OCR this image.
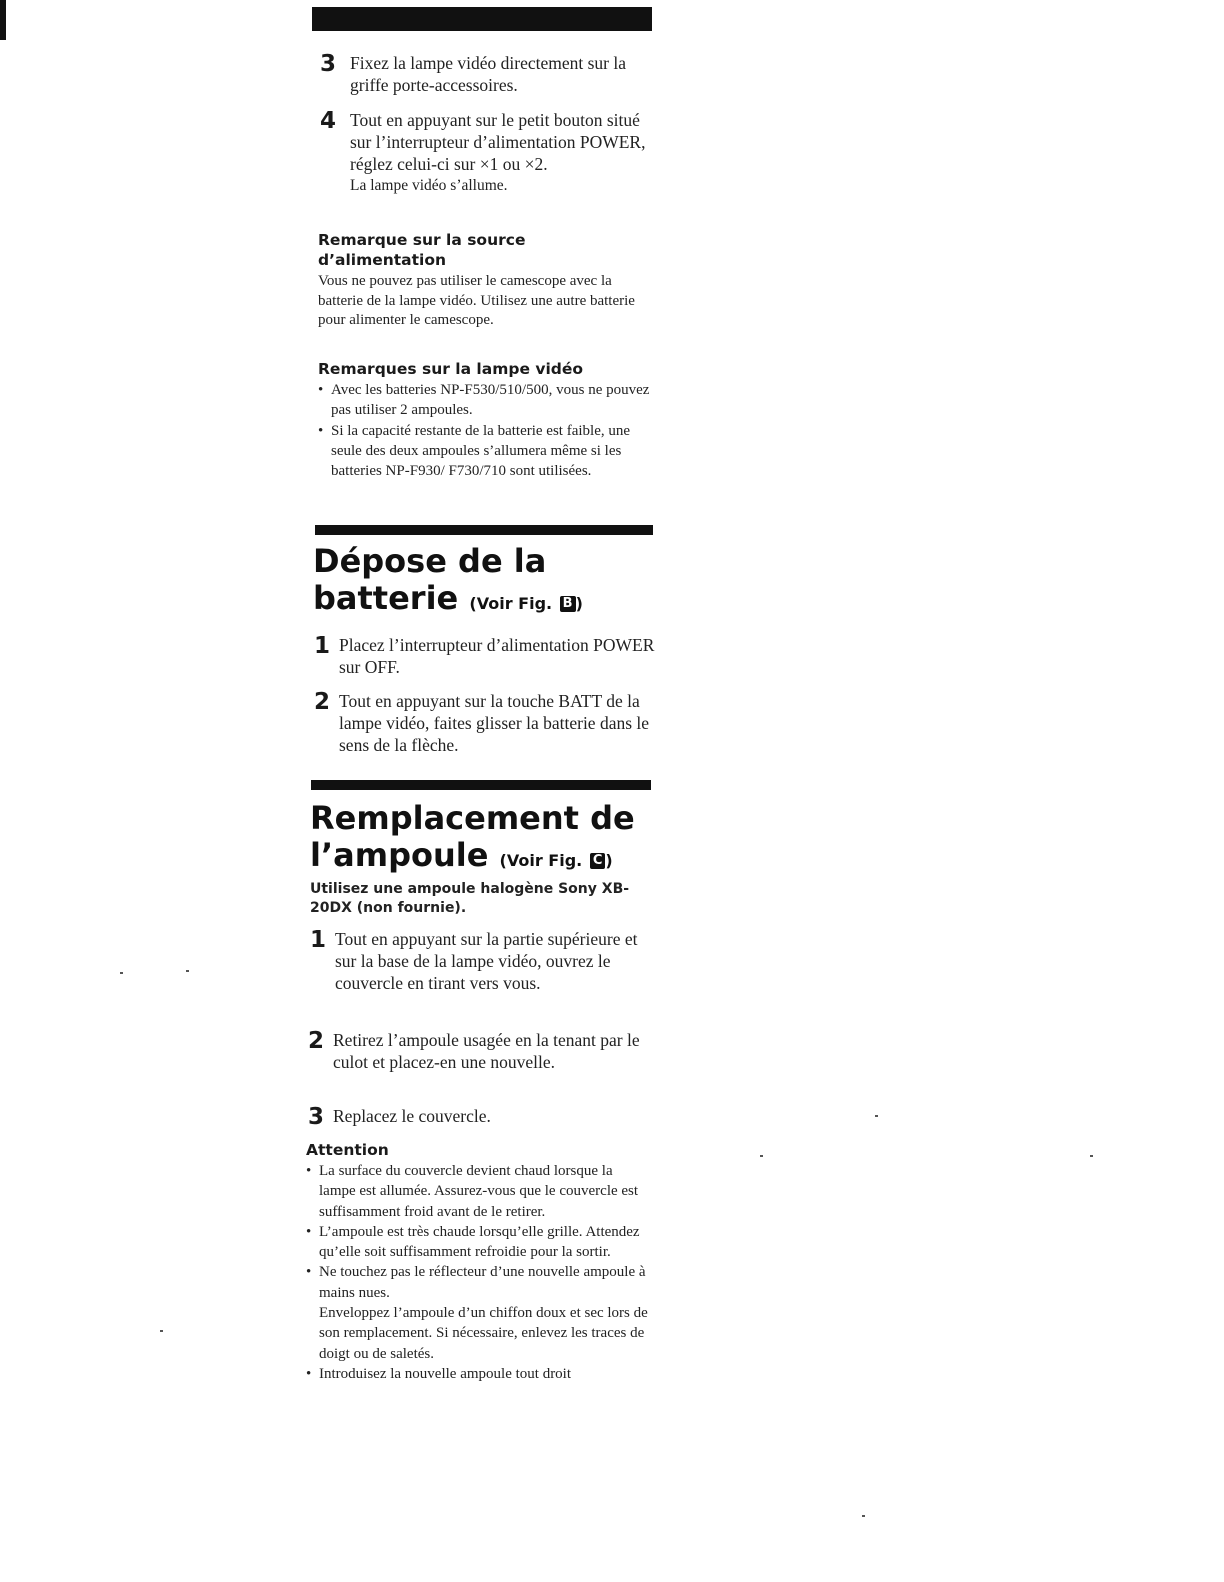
3 Fixez la lampe vidéo directement sur la griffe porte-accessoires.
4 Tout en appuyant sur le petit bouton situé sur l’interrupteur d’alimentation POWER, réglez celui-ci sur ×1 ou ×2.
La lampe vidéo s’allume.
Remarque sur la source d’alimentation
Vous ne pouvez pas utiliser le camescope avec la batterie de la lampe vidéo. Utilisez une autre batterie pour alimenter le camescope.
Remarques sur la lampe vidéo
• Avec les batteries NP-F530/510/500, vous ne pouvez pas utiliser 2 ampoules.
• Si la capacité restante de la batterie est faible, une seule des deux ampoules s’allumera même si les batteries NP-F930/ F730/710 sont utilisées.
Dépose de la batterie (Voir Fig. B )
1 Placez l’interrupteur d’alimentation POWER sur OFF.
2 Tout en appuyant sur la touche BATT de la lampe vidéo, faites glisser la batterie dans le sens de la flèche.
Remplacement de
l’ampoule (Voir Fig. C )
Utilisez une ampoule halogène Sony XB-20DX (non fournie).
1 Tout en appuyant sur la partie supérieure et sur la base de la lampe vidéo, ouvrez le couvercle en tirant vers vous.
2 Retirez l’ampoule usagée en la tenant par le culot et placez-en une nouvelle.
3 Replacez le couvercle.
Attention
• La surface du couvercle devient chaud lorsque la lampe est allumée. Assurez-vous que le couvercle est suffisamment froid avant de le retirer.
• L’ampoule est très chaude lorsqu’elle grille. Attendez qu’elle soit suffisamment refroidie pour la sortir.
• Ne touchez pas le réflecteur d’une nouvelle ampoule à mains nues.
Enveloppez l’ampoule d’un chiffon doux et sec lors de son remplacement. Si nécessaire, enlevez les traces de doigt ou de saletés.
• Introduisez la nouvelle ampoule tout droit
